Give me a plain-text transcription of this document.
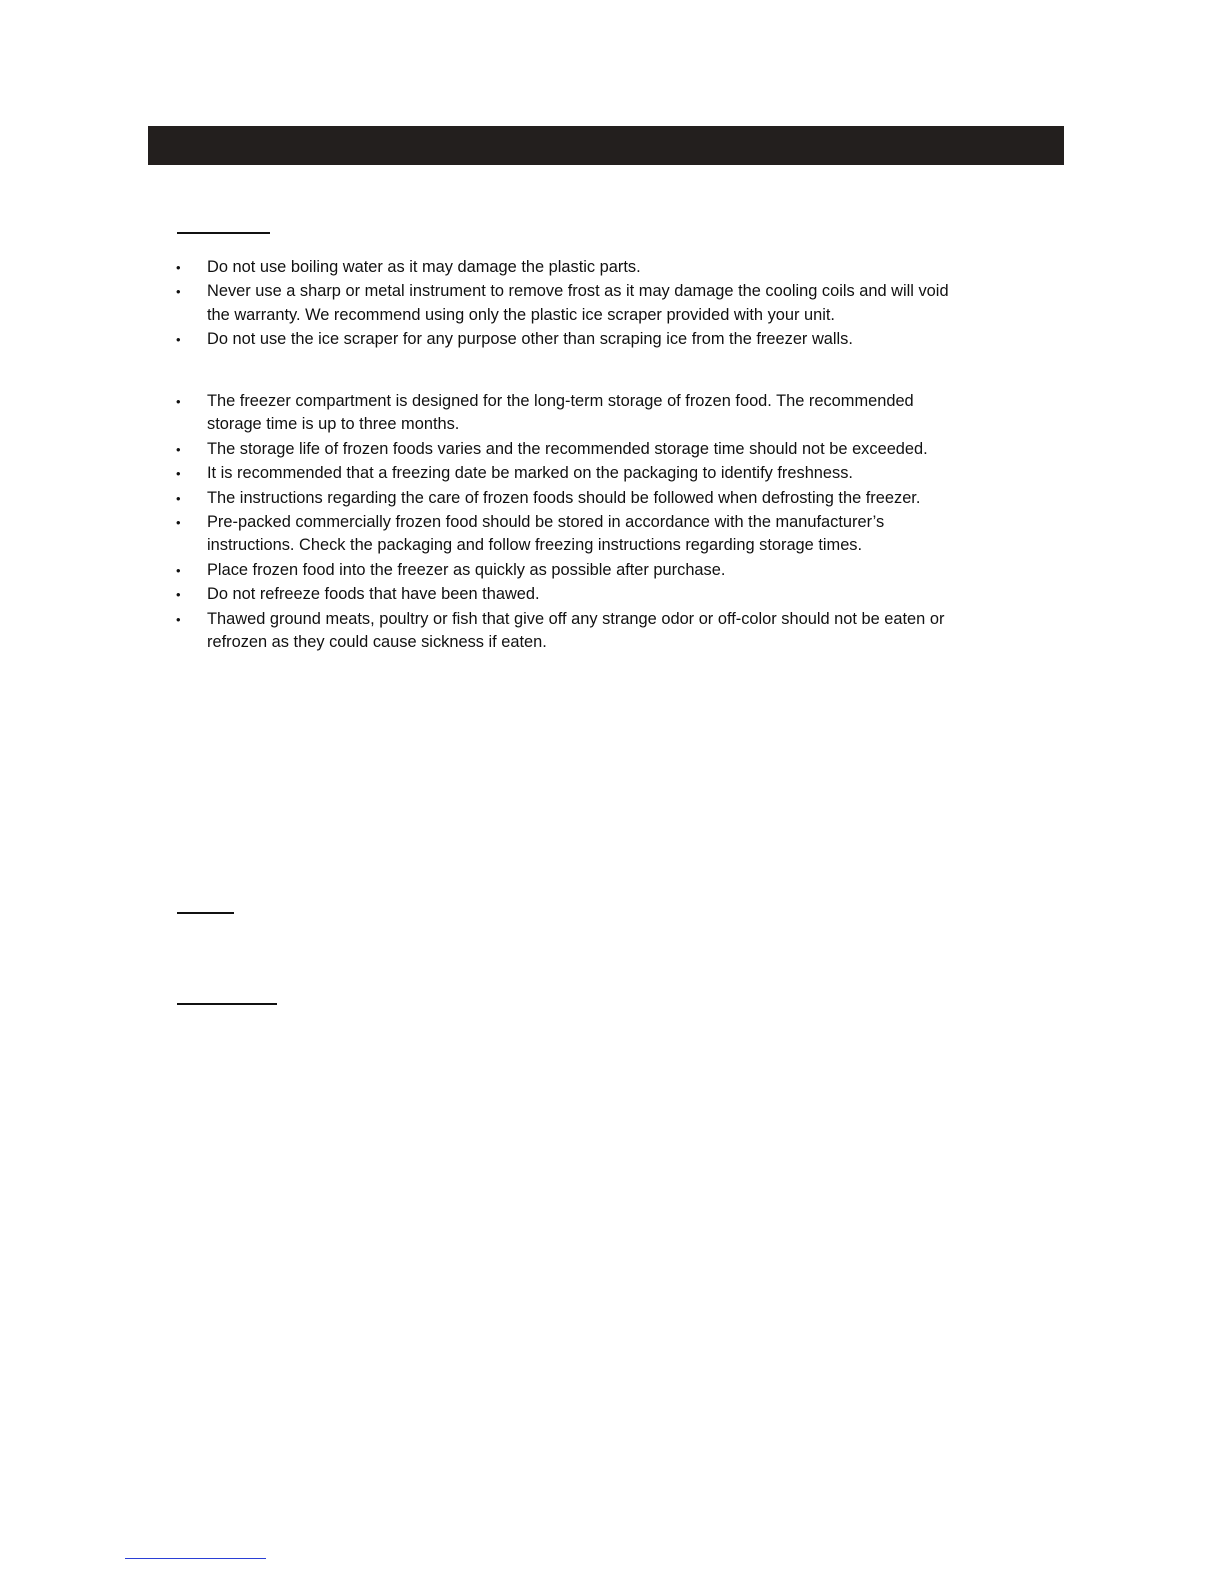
•	Do not use boiling water as it may damage the plastic parts.
•	Never use a sharp or metal instrument to remove frost as it may damage the cooling coils and will void the warranty. We recommend using only the plastic ice scraper provided with your unit.
•	Do not use the ice scraper for any purpose other than scraping ice from the freezer walls.
•	The freezer compartment is designed for the long-term storage of frozen food. The recommended storage time is up to three months.
•	The storage life of frozen foods varies and the recommended storage time should not be exceeded.
•	It is recommended that a freezing date be marked on the packaging to identify freshness.
•	The instructions regarding the care of frozen foods should be followed when defrosting the freezer.
•	Pre-packed commercially frozen food should be stored in accordance with the manufacturer’s instructions. Check the packaging and follow freezing instructions regarding storage times.
•	Place frozen food into the freezer as quickly as possible after purchase.
•	Do not refreeze foods that have been thawed.
•	Thawed ground meats, poultry or fish that give off any strange odor or off-color should not be eaten or refrozen as they could cause sickness if eaten.
